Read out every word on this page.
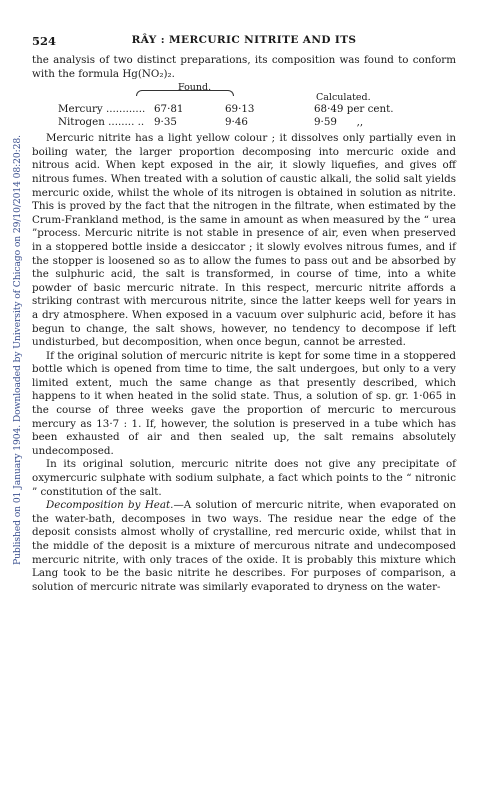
Published on 01 January 1904. Downloaded by University of Chicago on 29/10/2014 08:20:28.
524	RÂY : MERCURIC NITRITE AND ITS

the analysis of two distinct preparations, its composition was found to conform with the formula Hg(NO₂)₂.

Found.
Calculated.
Mercury ............ 67·81	69·13	68·49 per cent.
Nitrogen ........ .. 9·35	9·46	9·59      ,,

Mercuric nitrite has a light yellow colour ; it dissolves only partially even in boiling water, the larger proportion decomposing into mercuric oxide and nitrous acid. When kept exposed in the air, it slowly liquefies, and gives off nitrous fumes. When treated with a solution of caustic alkali, the solid salt yields mercuric oxide, whilst the whole of its nitrogen is obtained in solution as nitrite. This is proved by the fact that the nitrogen in the filtrate, when estimated by the Crum-Frankland method, is the same in amount as when measured by the “ urea ”process. Mercuric nitrite is not stable in presence of air, even when preserved in a stoppered bottle inside a desiccator ; it slowly evolves nitrous fumes, and if the stopper is loosened so as to allow the fumes to pass out and be absorbed by the sulphuric acid, the salt is transformed, in course of time, into a white powder of basic mercuric nitrate. In this respect, mercuric nitrite affords a striking contrast with mercurous nitrite, since the latter keeps well for years in a dry atmosphere. When exposed in a vacuum over sulphuric acid, before it has begun to change, the salt shows, however, no tendency to decompose if left undisturbed, but decomposition, when once begun, cannot be arrested.

If the original solution of mercuric nitrite is kept for some time in a stoppered bottle which is opened from time to time, the salt undergoes, but only to a very limited extent, much the same change as that presently described, which happens to it when heated in the solid state. Thus, a solution of sp. gr. 1·065 in the course of three weeks gave the proportion of mercuric to mercurous mercury as 13·7 : 1. If, however, the solution is preserved in a tube which has been exhausted of air and then sealed up, the salt remains absolutely undecomposed.

In its original solution, mercuric nitrite does not give any precipitate of oxymercuric sulphate with sodium sulphate, a fact which points to the “ nitronic ” constitution of the salt.

Decomposition by Heat.—A solution of mercuric nitrite, when evaporated on the water-bath, decomposes in two ways. The residue near the edge of the deposit consists almost wholly of crystalline, red mercuric oxide, whilst that in the middle of the deposit is a mixture of mercurous nitrate and undecomposed mercuric nitrite, with only traces of the oxide. It is probably this mixture which Lang took to be the basic nitrite he describes. For purposes of comparison, a solution of mercuric nitrate was similarly evaporated to dryness on the water-
